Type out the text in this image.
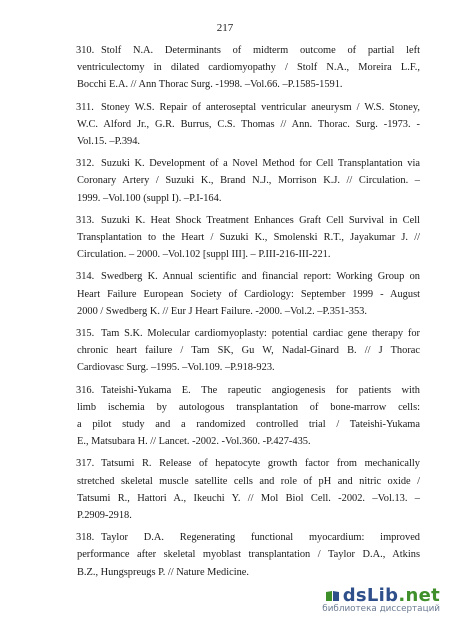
217
310. Stolf N.A. Determinants of midterm outcome of partial left
ventriculectomy in dilated cardiomyopathy / Stolf N.A., Moreira L.F.,
Bocchi E.A. // Ann Thorac Surg. -1998. –Vol.66. –P.1585-1591.
311. Stoney W.S. Repair of anteroseptal ventricular aneurysm / W.S. Stoney,
W.C. Alford Jr., G.R. Burrus, C.S. Thomas // Ann. Thorac. Surg. -1973. -
Vol.15. –P.394.
312. Suzuki K. Development of a Novel Method for Cell Transplantation via
Coronary Artery / Suzuki K., Brand N.J., Morrison K.J. // Circulation. –
1999. –Vol.100 (suppl I). –P.I-164.
313. Suzuki K. Heat Shock Treatment Enhances Graft Cell Survival in Cell
Transplantation to the Heart / Suzuki K., Smolenski R.T., Jayakumar J. //
Circulation. – 2000. –Vol.102 [suppl III]. – P.III-216-III-221.
314. Swedberg K. Annual scientific and financial report: Working Group on
Heart Failure European Society of Cardiology: September 1999 - August
2000 / Swedberg K. // Eur J Heart Failure. -2000. –Vol.2. –P.351-353.
315. Tam S.K. Molecular cardiomyoplasty: potential cardiac gene therapy for
chronic heart failure / Tam SK, Gu W, Nadal-Ginard B. // J Thorac
Cardiovasc Surg. –1995. –Vol.109. –P.918-923.
316. Tateishi-Yukama E. The rapeutic angiogenesis for patients with
limb ischemia by autologous transplantation of bone-marrow cells:
a pilot study and a randomized controlled trial / Tateishi-Yukama
E., Matsubara H. // Lancet. -2002. -Vol.360. -P.427-435.
317. Tatsumi R. Release of hepatocyte growth factor from mechanically
stretched skeletal muscle satellite cells and role of pH and nitric oxide /
Tatsumi R., Hattori A., Ikeuchi Y. // Mol Biol Cell. -2002. –Vol.13. –
P.2909-2918.
318. Taylor D.A. Regenerating functional myocardium: improved
performance after skeletal myoblast transplantation / Taylor D.A., Atkins
B.Z., Hungspreugs P. // Nature Medicine.
dsLib.net
библиотека диссертаций
